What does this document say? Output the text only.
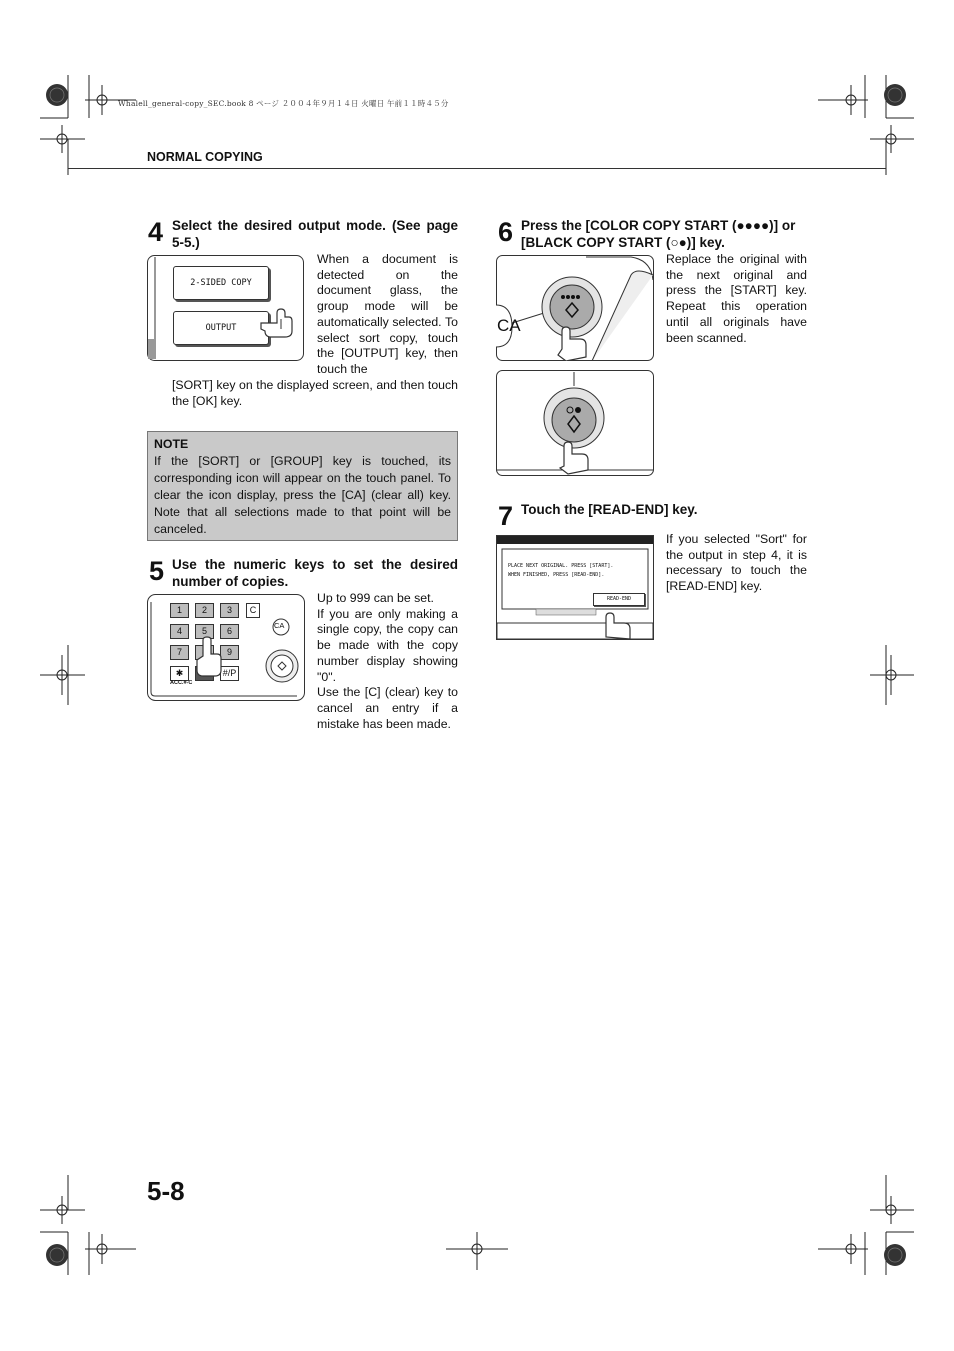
Whalell_general-copy_SEC.book 8 ページ ２００４年９月１４日 火曜日 午前１１時４５分
NORMAL COPYING
4 Select the desired output mode. (See page 5-5.)
2-SIDED COPY
OUTPUT
When a document is detected on the document glass, the group mode will be automatically selected. To select sort copy, touch the [OUTPUT] key, then touch the
[SORT] key on the displayed screen, and then touch the [OK] key.
NOTE
If the [SORT] or [GROUP] key is touched, its corresponding icon will appear on the touch panel. To clear the icon display, press the [CA] (clear all) key. Note that all selections made to that point will be canceled.
5 Use the numeric keys to set the desired number of copies.
1	2	3	C
4	5	6
7	9
✱	#/P
CA
ACC.#-C
Up to 999 can be set.
If you are only making a single copy, the copy can be made with the copy number display showing "0".
Use the [C] (clear) key to cancel an entry if a mistake has been made.
6 Press the [COLOR COPY START (●●●●)] or [BLACK COPY START (○●)] key.
CA
Replace the original with the next original and press the [START] key. Repeat this operation until all originals have been scanned.
7 Touch the [READ-END] key.
PLACE NEXT ORIGINAL. PRESS [START].
WHEN FINISHED, PRESS [READ-END].
READ-END
If you selected "Sort" for the output in step 4, it is necessary to touch the [READ-END] key.
5-8
